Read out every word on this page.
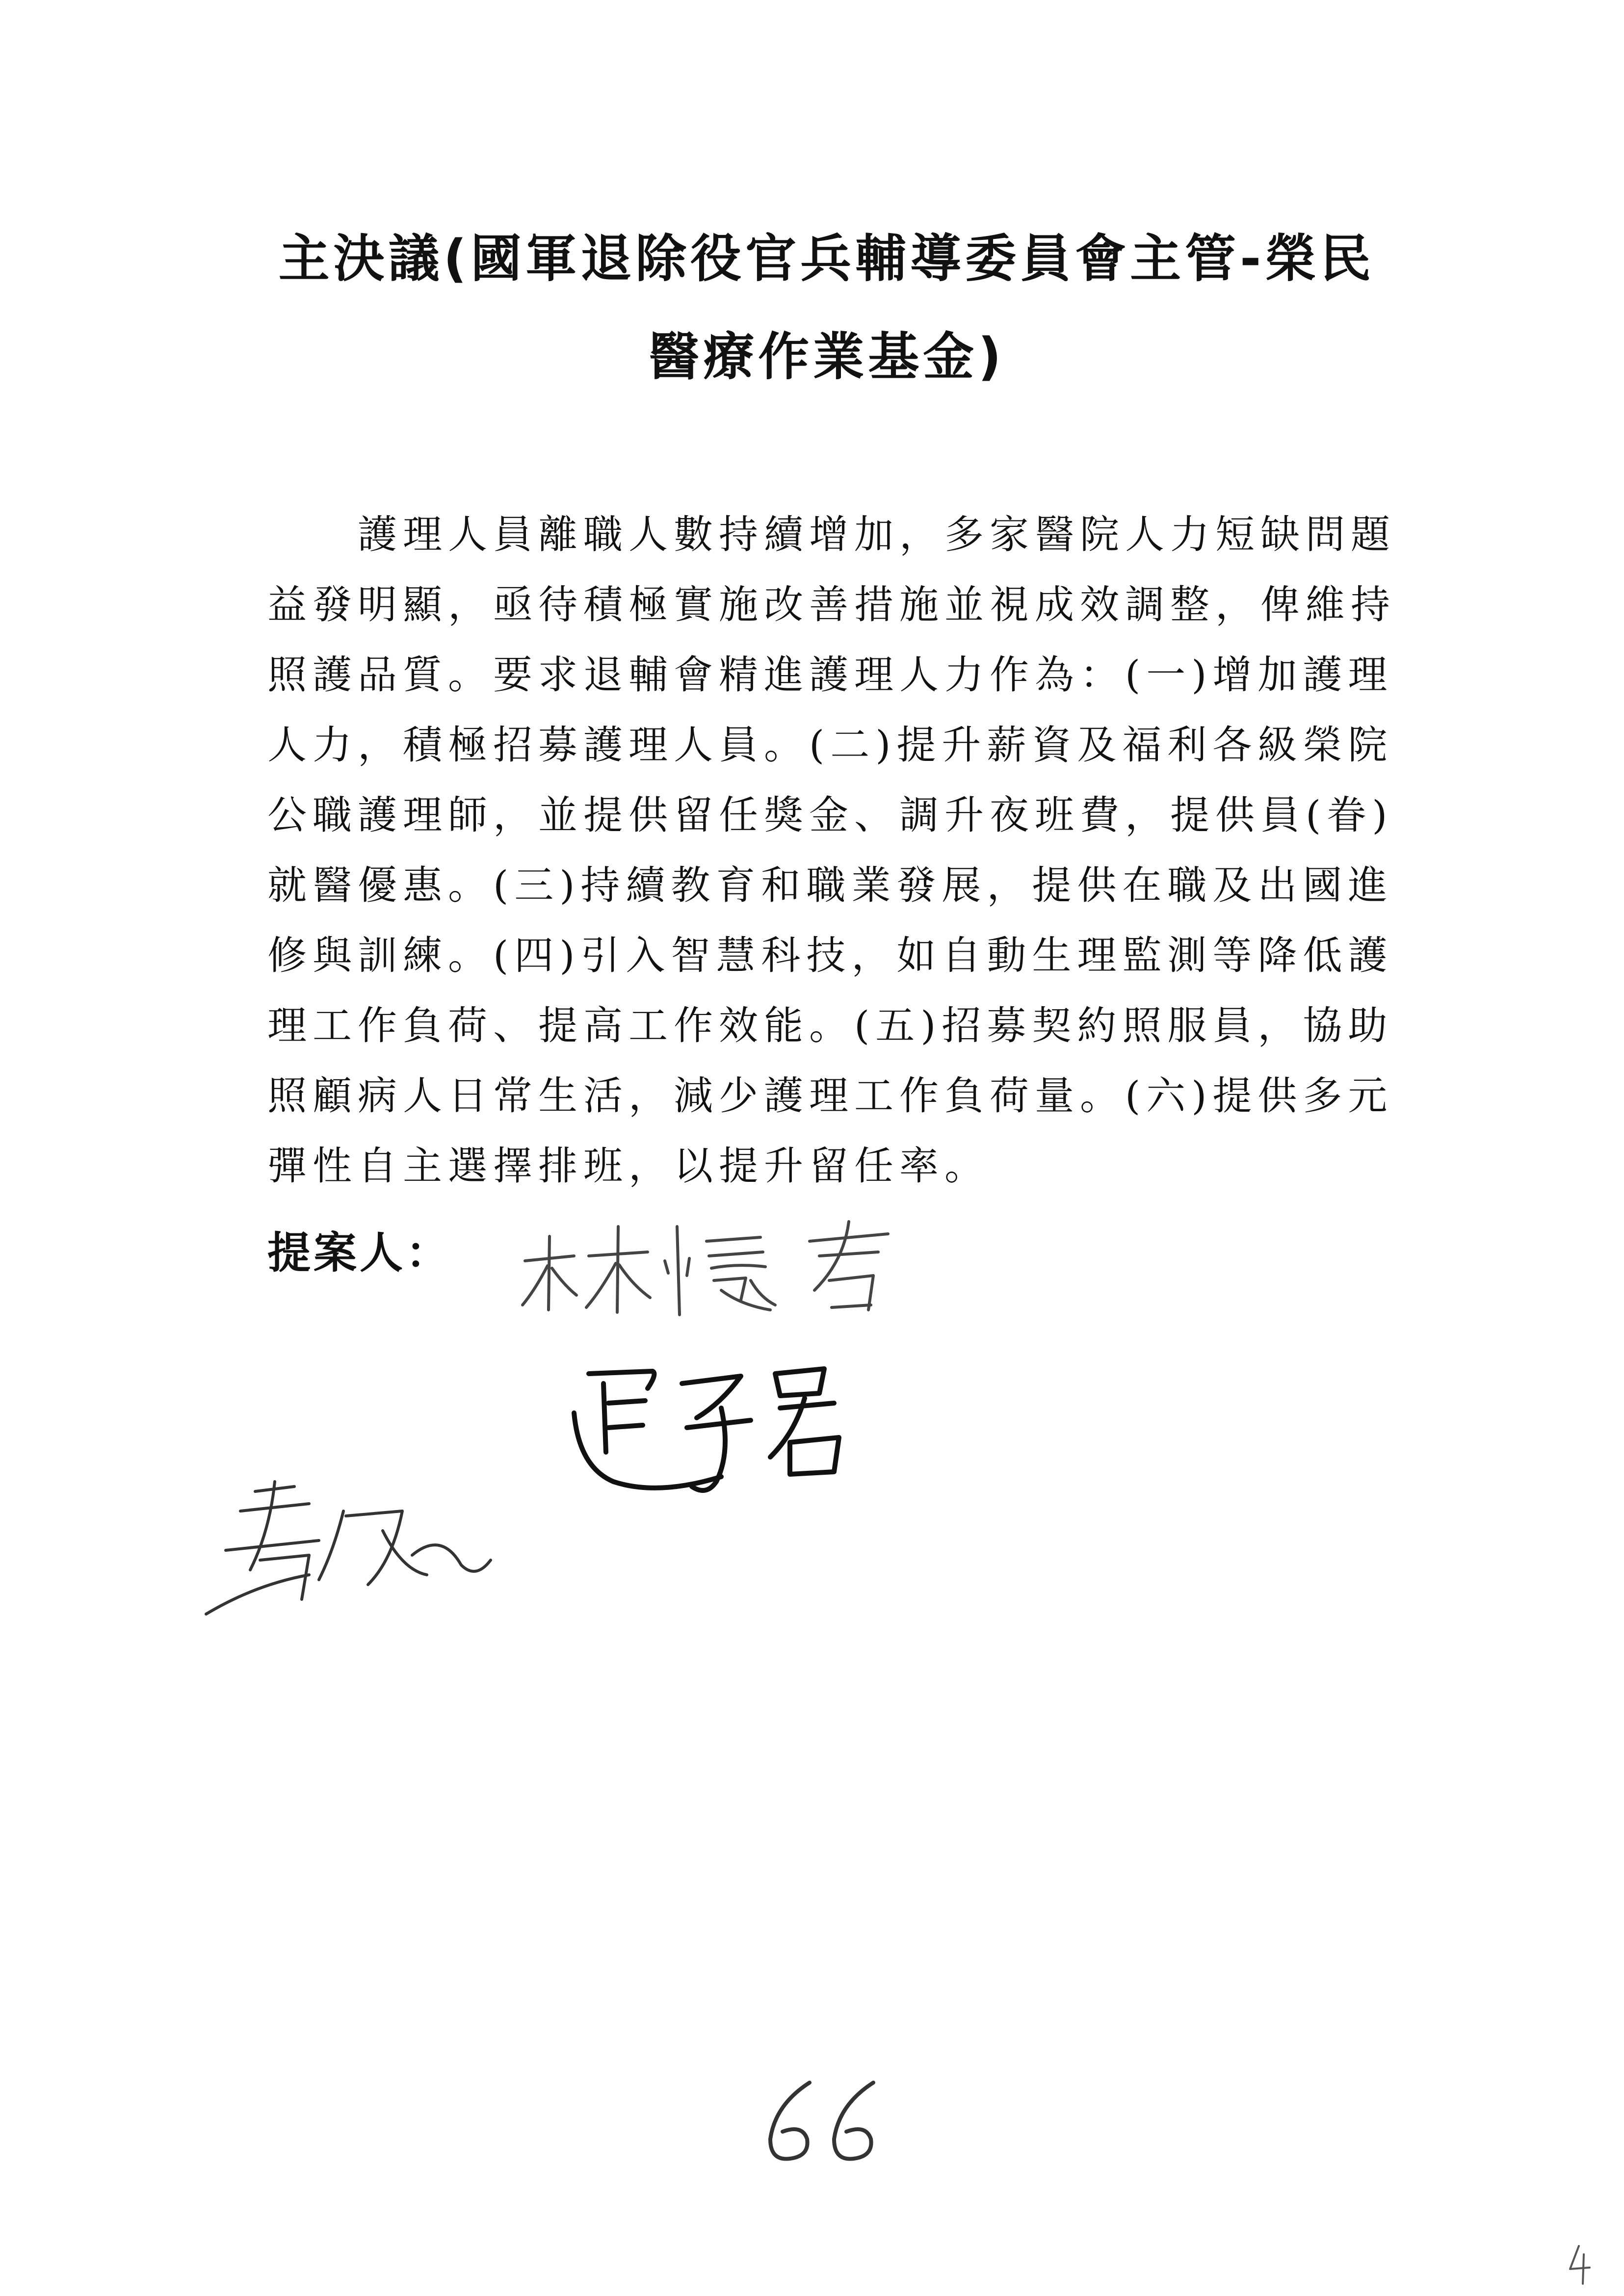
主決議(國軍退除役官兵輔導委員會主管-榮民
醫療作業基金)
　　護理人員離職人數持續增加，多家醫院人力短缺問題
益發明顯，亟待積極實施改善措施並視成效調整，俾維持
照護品質。要求退輔會精進護理人力作為：(一)增加護理
人力，積極招募護理人員。(二)提升薪資及福利各級榮院
公職護理師，並提供留任獎金、調升夜班費，提供員(眷)
就醫優惠。(三)持續教育和職業發展，提供在職及出國進
修與訓練。(四)引入智慧科技，如自動生理監測等降低護
理工作負荷、提高工作效能。(五)招募契約照服員，協助
照顧病人日常生活，減少護理工作負荷量。(六)提供多元
彈性自主選擇排班，以提升留任率。
提案人：
